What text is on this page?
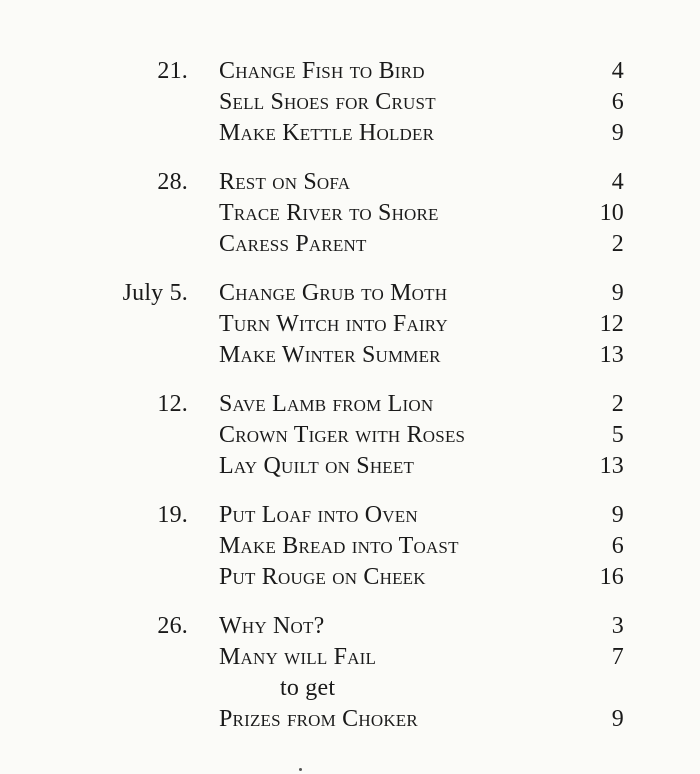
21. Change Fish to Bird	4
Sell Shoes for Crust	6
Make Kettle Holder	9
28. Rest on Sofa	4
Trace River to Shore	10
Caress Parent	2
July 5. Change Grub to Moth	9
Turn Witch into Fairy	12
Make Winter Summer	13
12. Save Lamb from Lion	2
Crown Tiger with Roses	5
Lay Quilt on Sheet	13
19. Put Loaf into Oven	9
Make Bread into Toast	6
Put Rouge on Cheek	16
26. Why Not?	3
Many will Fail	7
to get
Prizes from Choker	9
